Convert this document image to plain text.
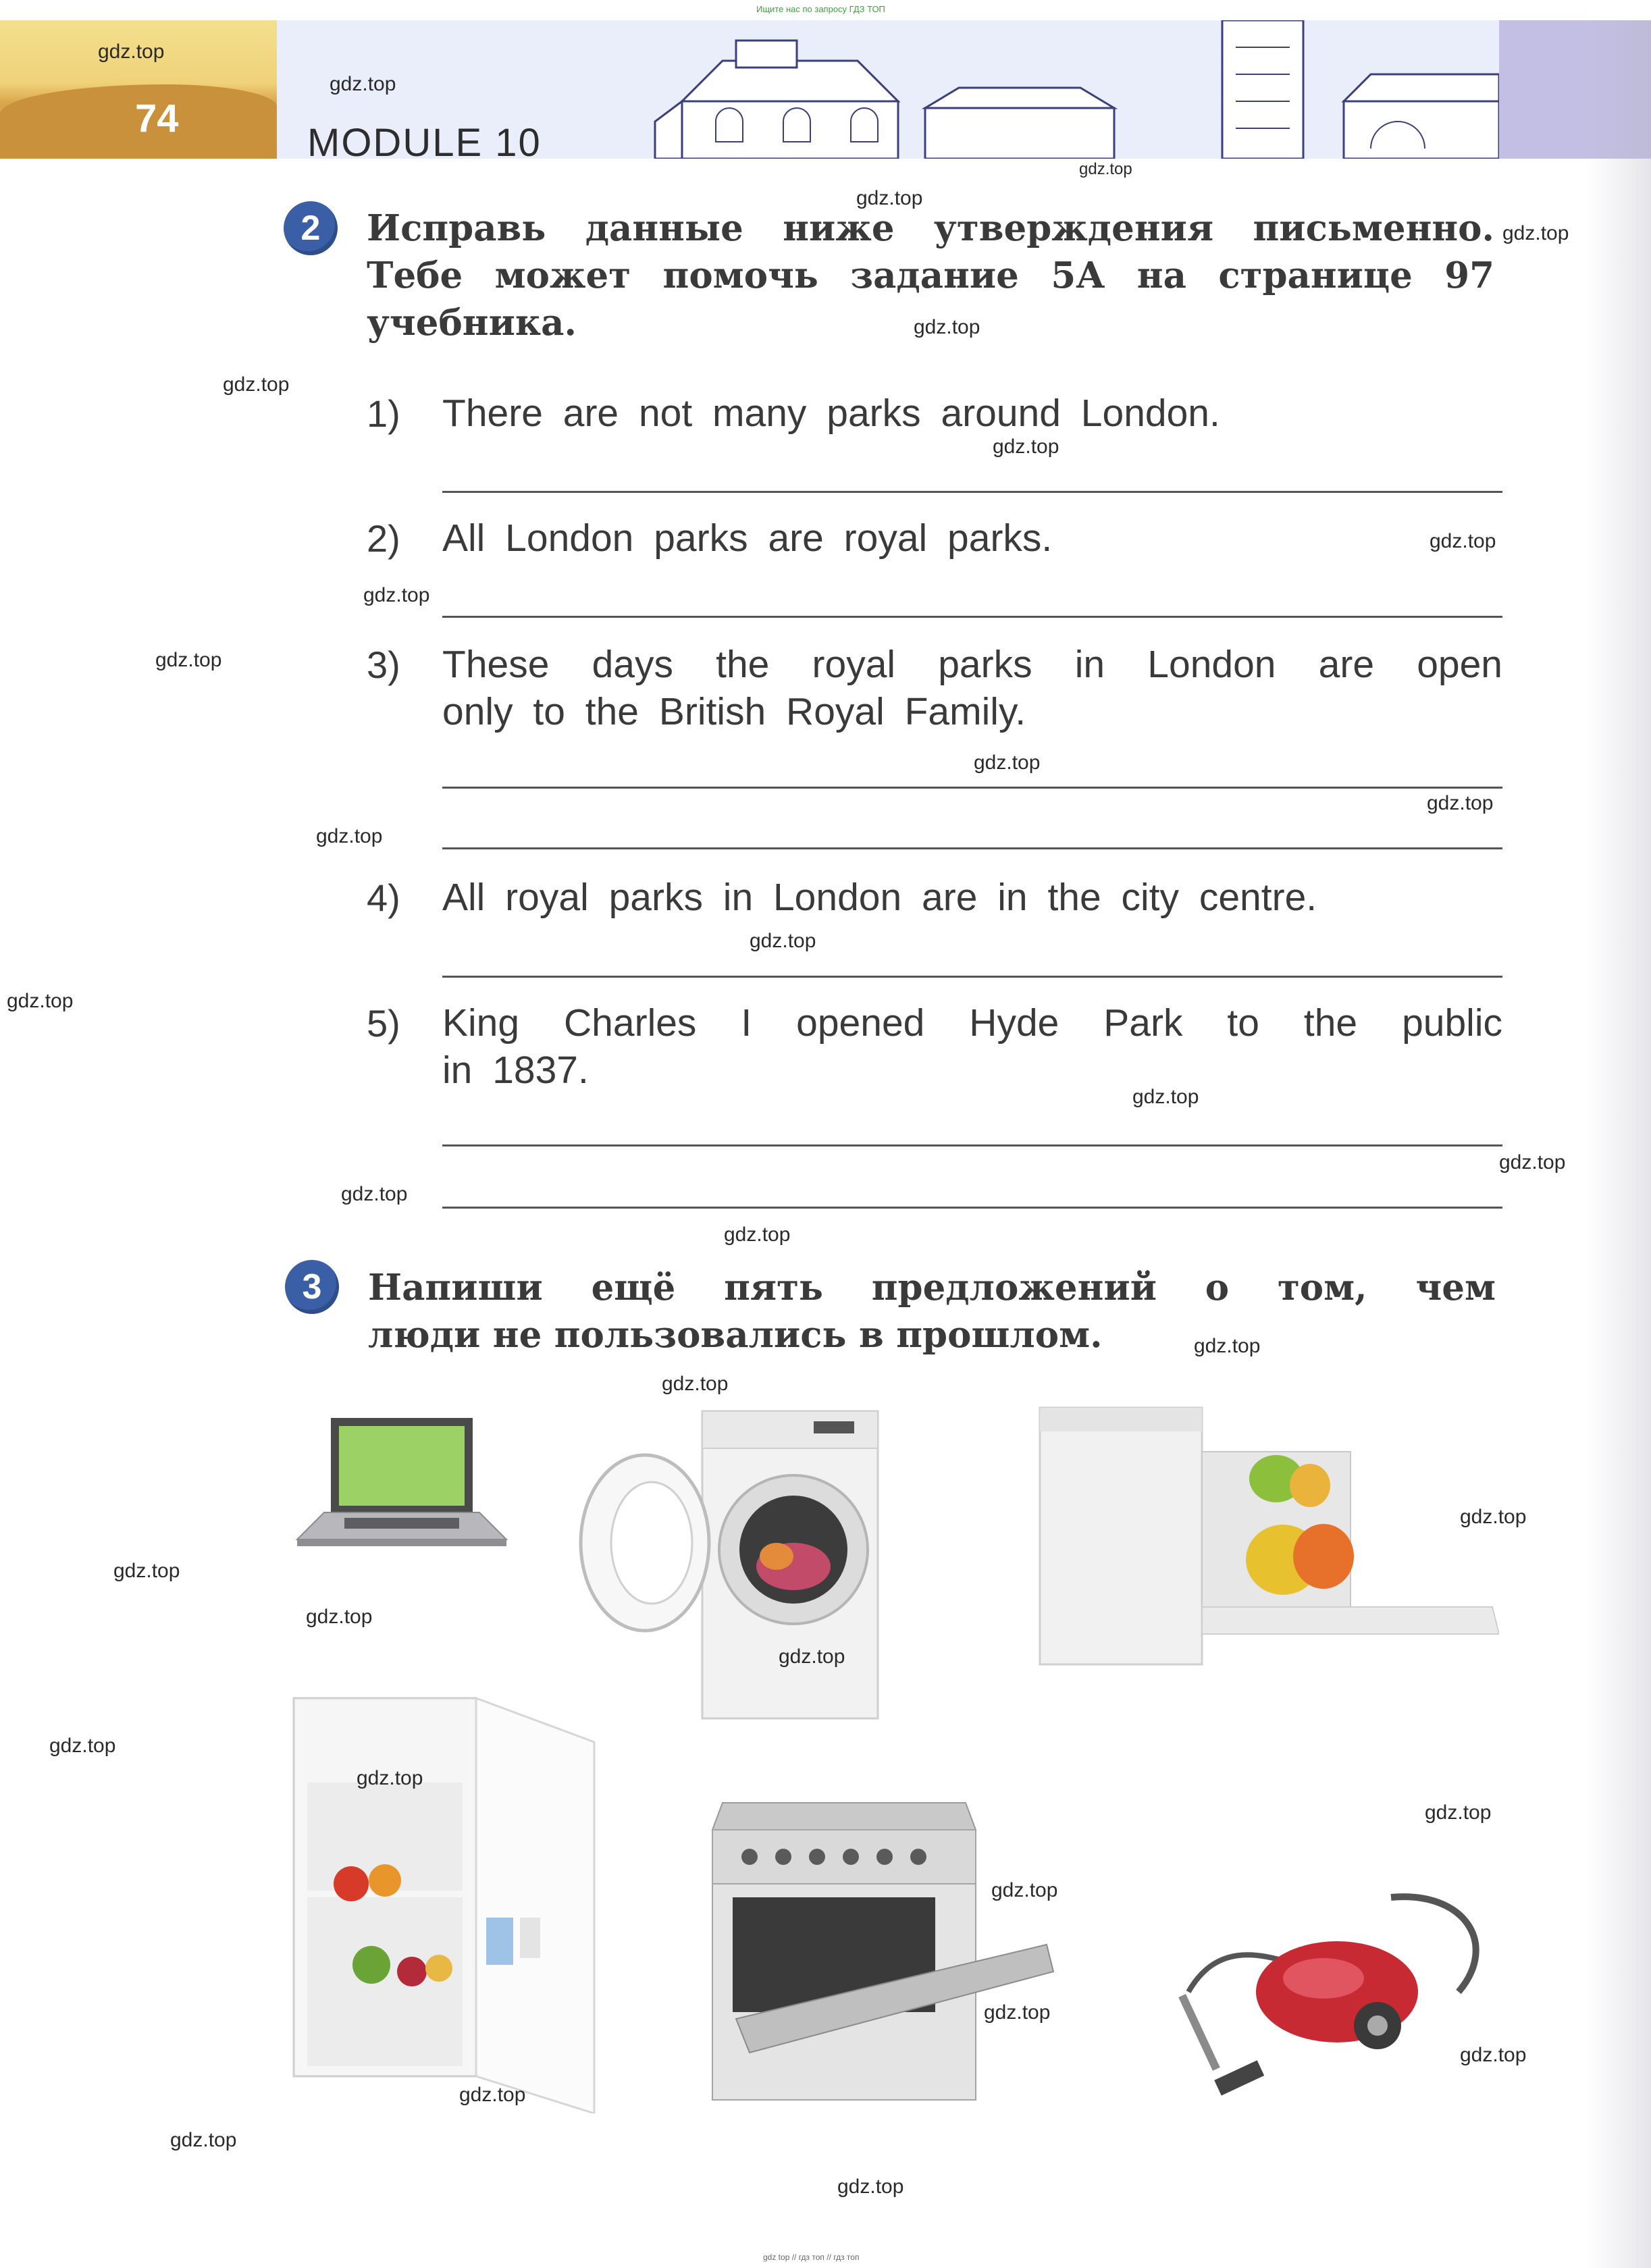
74
MODULE 10
Ищите нас по запросу ГДЗ ТОП
2	Исправь данные ниже утверждения письменно.
Тебе может помочь задание 5А на странице 97
учебника.
1) There are not many parks around London.
2) All London parks are royal parks.
3) These days the royal parks in London are open
only to the British Royal Family.
4) All royal parks in London are in the city centre.
5) King Charles I opened Hyde Park to the public
in 1837.
3	Напиши ещё пять предложений о том, чем
люди не пользовались в прошлом.
gdz.top
gdz.top
gdz.top
gdz.top
gdz.top
gdz.top
gdz.top
gdz.top
gdz.top
gdz.top
gdz.top
gdz.top
gdz.top
gdz.top
gdz.top
gdz.top
gdz.top
gdz.top
gdz.top
gdz.top
gdz.top
gdz.top
gdz.top
gdz.top
gdz.top
gdz.top
gdz.top
gdz.top
gdz.top
gdz.top
gdz.top
gdz.top
gdz.top
gdz.top
gdz.top
gdz top // гдз топ // гдз топ
